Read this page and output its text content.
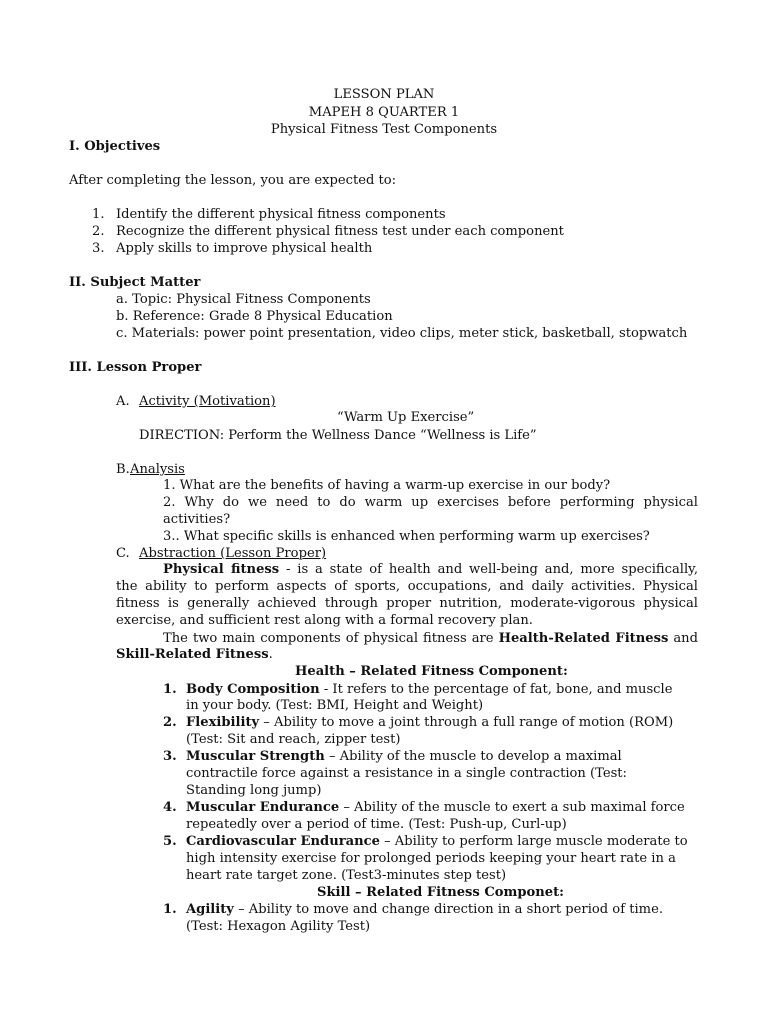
LESSON PLAN
MAPEH 8 QUARTER 1
Physical Fitness Test Components
I. Objectives
After completing the lesson, you are expected to:
1. Identify the different physical fitness components
2. Recognize the different physical fitness test under each component
3. Apply skills to improve physical health
II. Subject Matter
a. Topic: Physical Fitness Components
b. Reference: Grade 8 Physical Education
c. Materials: power point presentation, video clips, meter stick, basketball, stopwatch
III. Lesson Proper
A. Activity (Motivation)
“Warm Up Exercise”
DIRECTION: Perform the Wellness Dance “Wellness is Life”
B. Analysis
1. What are the benefits of having a warm-up exercise in our body?
2. Why do we need to do warm up exercises before performing physical
activities?
3.. What specific skills is enhanced when performing warm up exercises?
C. Abstraction (Lesson Proper)
Physical fitness - is a state of health and well-being and, more specifically,
the ability to perform aspects of sports, occupations, and daily activities. Physical
fitness is generally achieved through proper nutrition, moderate-vigorous physical
exercise, and sufficient rest along with a formal recovery plan.
The two main components of physical fitness are Health-Related Fitness and
Skill-Related Fitness.
Health – Related Fitness Component:
1. Body Composition - It refers to the percentage of fat, bone, and muscle
in your body. (Test: BMI, Height and Weight)
2. Flexibility – Ability to move a joint through a full range of motion (ROM)
(Test: Sit and reach, zipper test)
3. Muscular Strength – Ability of the muscle to develop a maximal
contractile force against a resistance in a single contraction (Test:
Standing long jump)
4. Muscular Endurance – Ability of the muscle to exert a sub maximal force
repeatedly over a period of time. (Test: Push-up, Curl-up)
5. Cardiovascular Endurance – Ability to perform large muscle moderate to
high intensity exercise for prolonged periods keeping your heart rate in a
heart rate target zone. (Test3-minutes step test)
Skill – Related Fitness Componet:
1. Agility – Ability to move and change direction in a short period of time.
(Test: Hexagon Agility Test)
